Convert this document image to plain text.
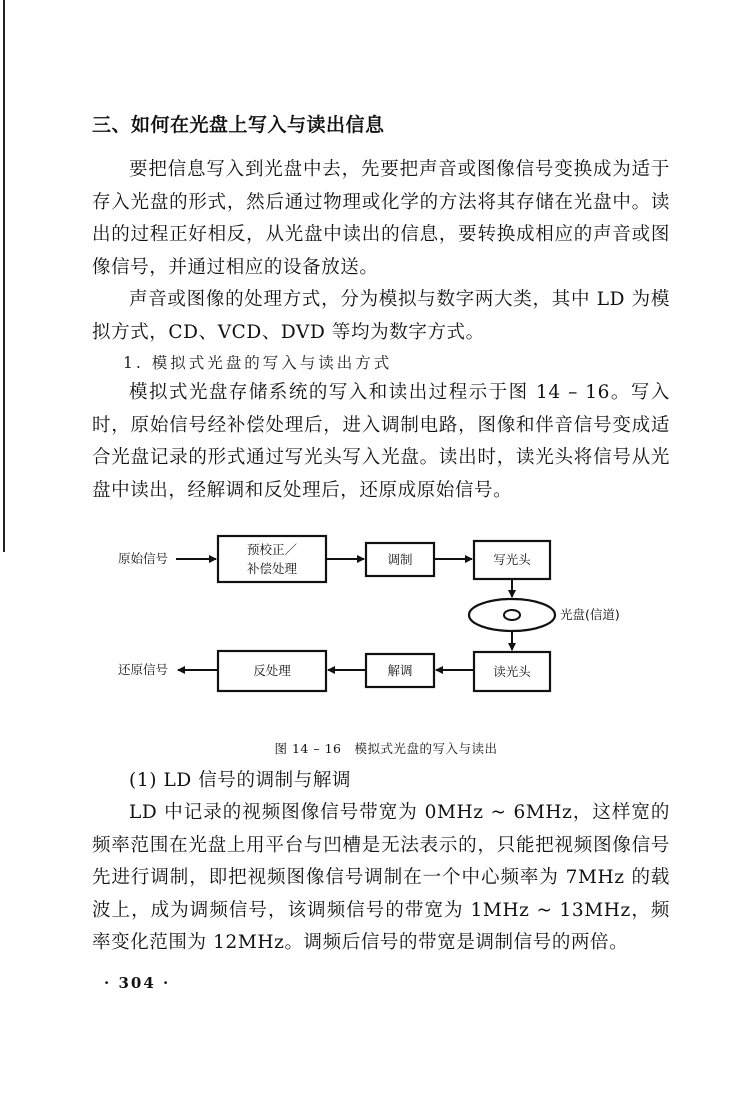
三、如何在光盘上写入与读出信息

要把信息写入到光盘中去，先要把声音或图像信号变换成为适于存入光盘的形式，然后通过物理或化学的方法将其存储在光盘中。读出的过程正好相反，从光盘中读出的信息，要转换成相应的声音或图像信号，并通过相应的设备放送。

声音或图像的处理方式，分为模拟与数字两大类，其中 LD 为模拟方式，CD、VCD、DVD 等均为数字方式。

1. 模拟式光盘的写入与读出方式

模拟式光盘存储系统的写入和读出过程示于图 14 – 16。写入时，原始信号经补偿处理后，进入调制电路，图像和伴音信号变成适合光盘记录的形式通过写光头写入光盘。读出时，读光头将信号从光盘中读出，经解调和反处理后，还原成原始信号。

原始信号
预校正／
补偿处理
调制	写光头
光盘(信道)
读光头
解调
反处理
还原信号

图 14 – 16　模拟式光盘的写入与读出

(1) LD 信号的调制与解调

LD 中记录的视频图像信号带宽为 0MHz ~ 6MHz，这样宽的频率范围在光盘上用平台与凹槽是无法表示的，只能把视频图像信号先进行调制，即把视频图像信号调制在一个中心频率为 7MHz 的载波上，成为调频信号，该调频信号的带宽为 1MHz ~ 13MHz，频率变化范围为 12MHz。调频后信号的带宽是调制信号的两倍。

· 304 ·
